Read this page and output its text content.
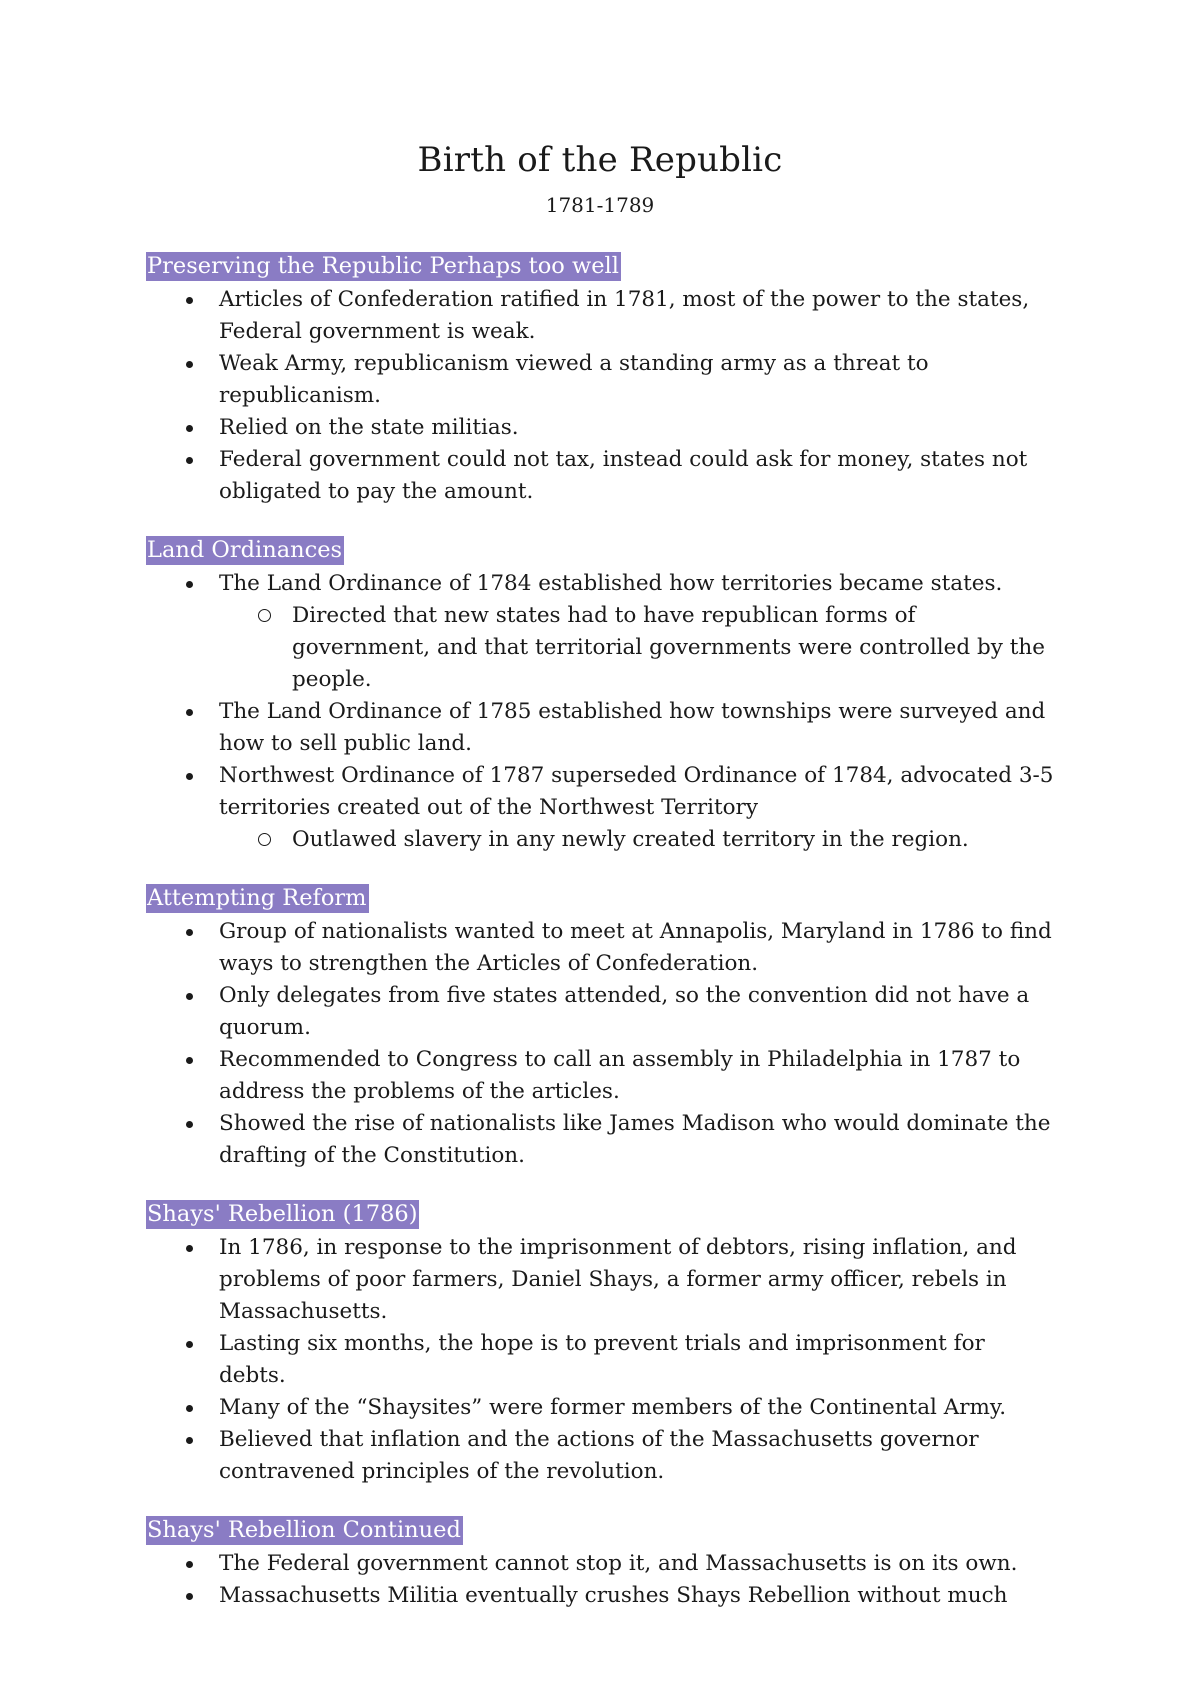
Birth of the Republic
1781-1789
Preserving the Republic Perhaps too well
Articles of Confederation ratified in 1781, most of the power to the states, Federal government is weak.
Weak Army, republicanism viewed a standing army as a threat to republicanism.
Relied on the state militias.
Federal government could not tax, instead could ask for money, states not obligated to pay the amount.
Land Ordinances
The Land Ordinance of 1784 established how territories became states.
Directed that new states had to have republican forms of government, and that territorial governments were controlled by the people.
The Land Ordinance of 1785 established how townships were surveyed and how to sell public land.
Northwest Ordinance of 1787 superseded Ordinance of 1784, advocated 3-5 territories created out of the Northwest Territory
Outlawed slavery in any newly created territory in the region.
Attempting Reform
Group of nationalists wanted to meet at Annapolis, Maryland in 1786 to find ways to strengthen the Articles of Confederation.
Only delegates from five states attended, so the convention did not have a quorum.
Recommended to Congress to call an assembly in Philadelphia in 1787 to address the problems of the articles.
Showed the rise of nationalists like James Madison who would dominate the drafting of the Constitution.
Shays' Rebellion (1786)
In 1786, in response to the imprisonment of debtors, rising inflation, and problems of poor farmers, Daniel Shays, a former army officer, rebels in Massachusetts.
Lasting six months, the hope is to prevent trials and imprisonment for debts.
Many of the “Shaysites” were former members of the Continental Army.
Believed that inflation and the actions of the Massachusetts governor contravened principles of the revolution.
Shays' Rebellion Continued
The Federal government cannot stop it, and Massachusetts is on its own.
Massachusetts Militia eventually crushes Shays Rebellion without much
